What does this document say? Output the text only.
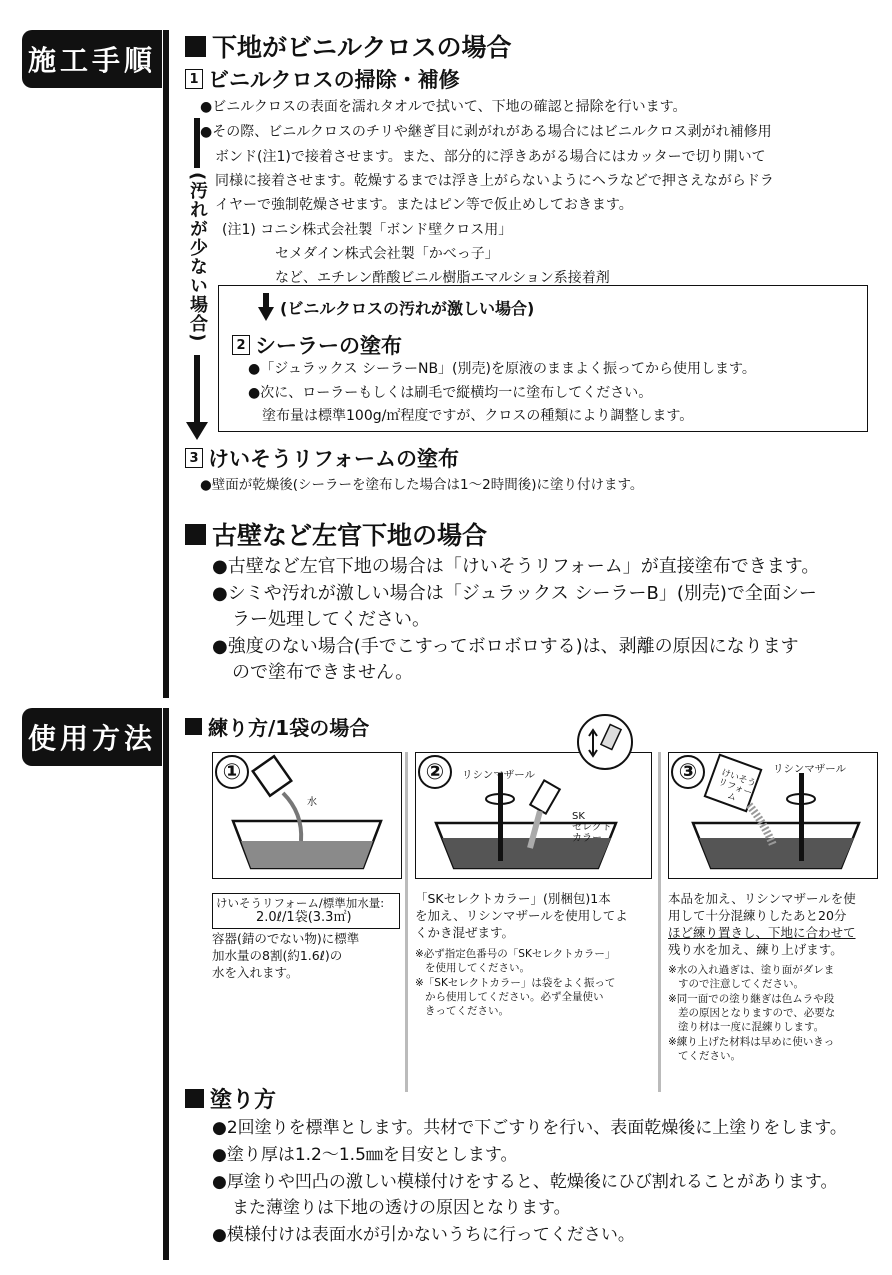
施工手順
使用方法
下地がビニルクロスの場合
1 ビニルクロスの掃除・補修
●ビニルクロスの表面を濡れタオルで拭いて、下地の確認と掃除を行います。
●その際、ビニルクロスのチリや継ぎ目に剥がれがある場合にはビニルクロス剥がれ補修用
ボンド(注1)で接着させます。また、部分的に浮きあがる場合にはカッターで切り開いて
同様に接着させます。乾燥するまでは浮き上がらないようにヘラなどで押さえながらドラ
イヤーで強制乾燥させます。またはピン等で仮止めしておきます。
(注1) コニシ株式会社製「ボンド壁クロス用」
セメダイン株式会社製「かべっ子」
など、エチレン酢酸ビニル樹脂エマルション系接着剤
(汚れが少ない場合)	(ビニルクロスの汚れが激しい場合)
2 シーラーの塗布
●「ジュラックス シーラーNB」(別売)を原液のままよく振ってから使用します。
●次に、ローラーもしくは刷毛で縦横均一に塗布してください。
塗布量は標準100g/㎡程度ですが、クロスの種類により調整します。
3 けいそうリフォームの塗布
●壁面が乾燥後(シーラーを塗布した場合は1〜2時間後)に塗り付けます。
古壁など左官下地の場合
●古壁など左官下地の場合は「けいそうリフォーム」が直接塗布できます。
●シミや汚れが激しい場合は「ジュラックス シーラーB」(別売)で全面シー
ラー処理してください。
●強度のない場合(手でこすってボロボロする)は、剥離の原因になります
ので塗布できません。
練り方/1袋の場合
①
水
けいそうリフォーム/標準加水量:
2.0ℓ/1袋(3.3㎡)
容器(錆のでない物)に標準
加水量の8割(約1.6ℓ)の
水を入れます。
②	リシンマザール
SK
セレクト
カラー
「SKセレクトカラー」(別梱包)1本
を加え、リシンマザールを使用してよ
くかき混ぜます。
※必ず指定色番号の「SKセレクトカラー」
を使用してください。
※「SKセレクトカラー」は袋をよく振って
から使用してください。必ず全量使い
きってください。
③	けいそう リフォーム
リシンマザール
本品を加え、リシンマザールを使
用して十分混練りしたあと20分
ほど練り置きし、下地に合わせて
残り水を加え、練り上げます。
※水の入れ過ぎは、塗り面がダレま
すので注意してください。
※同一面での塗り継ぎは色ムラや段
差の原因となりますので、必要な
塗り材は一度に混練りします。
※練り上げた材料は早めに使いきっ
てください。
塗り方
●2回塗りを標準とします。共材で下ごすりを行い、表面乾燥後に上塗りをします。
●塗り厚は1.2〜1.5㎜を目安とします。
●厚塗りや凹凸の激しい模様付けをすると、乾燥後にひび割れることがあります。
また薄塗りは下地の透けの原因となります。
●模様付けは表面水が引かないうちに行ってください。
